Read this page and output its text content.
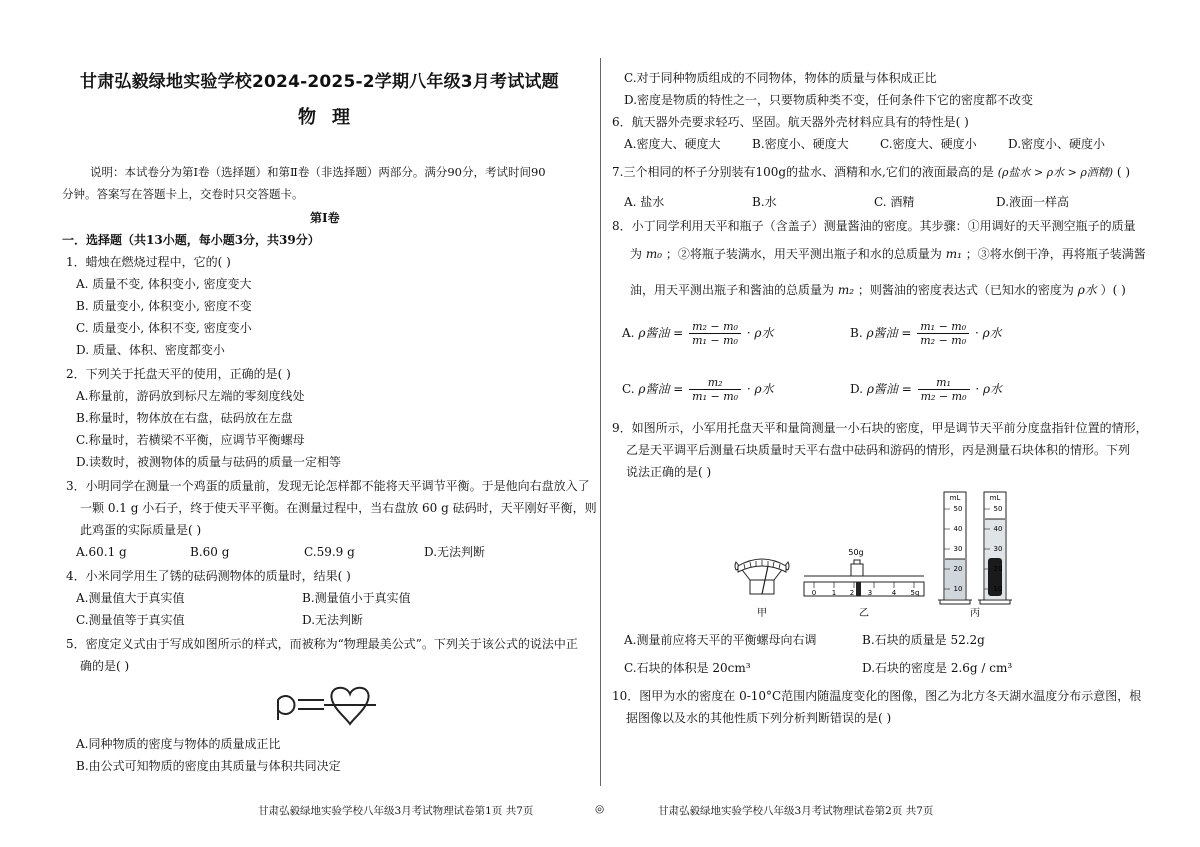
甘肃弘毅绿地实验学校2024-2025-2学期八年级3月考试试题
物理
说明：本试卷分为第Ⅰ卷（选择题）和第Ⅱ卷（非选择题）两部分。满分90分，考试时间90
分钟。答案写在答题卡上，交卷时只交答题卡。
第Ⅰ卷
一．选择题（共13小题，每小题3分，共39分）
1．蜡烛在燃烧过程中，它的( )
A. 质量不变, 体积变小, 密度变大
B. 质量变小, 体积变小, 密度不变
C. 质量变小, 体积不变, 密度变小
D. 质量、体积、密度都变小
2．下列关于托盘天平的使用，正确的是( )
A.称量前，游码放到标尺左端的零刻度线处
B.称量时，物体放在右盘，砝码放在左盘
C.称量时，若横梁不平衡，应调节平衡螺母
D.读数时，被测物体的质量与砝码的质量一定相等
3．小明同学在测量一个鸡蛋的质量前，发现无论怎样都不能将天平调节平衡。于是他向右盘放入了
一颗 0.1 g 小石子，终于使天平平衡。在测量过程中，当右盘放 60 g 砝码时，天平刚好平衡，则
此鸡蛋的实际质量是( )
A.60.1 g	B.60 g	C.59.9 g	D.无法判断
4．小米同学用生了锈的砝码测物体的质量时，结果( )
A.测量值大于真实值	B.测量值小于真实值
C.测量值等于真实值	D.无法判断
5．密度定义式由于写成如图所示的样式，而被称为“物理最美公式”。下列关于该公式的说法中正
确的是( )
A.同种物质的密度与物体的质量成正比
B.由公式可知物质的密度由其质量与体积共同决定
C.对于同种物质组成的不同物体，物体的质量与体积成正比
D.密度是物质的特性之一，只要物质种类不变，任何条件下它的密度都不改变
6．航天器外壳要求轻巧、坚固。航天器外壳材料应具有的特性是( )
A.密度大、硬度大	B.密度小、硬度大	C.密度大、硬度小	D.密度小、硬度小
7.三个相同的杯子分别装有100g的盐水、酒精和水,它们的液面最高的是 (ρ盐水 > ρ水 > ρ酒精) ( )
A. 盐水	B.水	C. 酒精	D.液面一样高
8．小丁同学利用天平和瓶子（含盖子）测量酱油的密度。其步骤：①用调好的天平测空瓶子的质量
为 m₀ ；②将瓶子装满水，用天平测出瓶子和水的总质量为 m₁ ；③将水倒干净，再将瓶子装满酱
油，用天平测出瓶子和酱油的总质量为 m₂ ；则酱油的密度表达式（已知水的密度为 ρ水 ）( )
A. ρ酱油 = $\frac{\text{m₂ − m₀}}{\text{m₁ − m₀}} \cdot \rho$水	B. ρ酱油 = $\frac{\text{m₁ − m₀}}{\text{m₂ − m₀}} \cdot \rho$水
C. ρ酱油 = $\frac{\text{m₂}}{\text{m₁ − m₀}} \cdot \rho$水	D. ρ酱油 = $\frac{\text{m₁}}{\text{m₂ − m₀}} \cdot \rho$水
9．如图所示，小军用托盘天平和量筒测量一小石块的密度，甲是调节天平前分度盘指针位置的情形，
乙是天平调平后测量石块质量时天平右盘中砝码和游码的情形，丙是测量石块体积的情形。下列
说法正确的是( )
甲
50g
0 1 2 3	4 5g
乙
mL
50
40
30
20
10
mL
50
40
30
20
10
丙
A.测量前应将天平的平衡螺母向右调	B.石块的质量是 52.2g
C.石块的体积是 20cm³	D.石块的密度是 2.6g / cm³
10．图甲为水的密度在 0-10°C范围内随温度变化的图像，图乙为北方冬天湖水温度分布示意图，根
据图像以及水的其他性质下列分析判断错误的是( )
甘肃弘毅绿地实验学校八年级3月考试物理试卷第1页 共7页	◎	甘肃弘毅绿地实验学校八年级3月考试物理试卷第2页 共7页
